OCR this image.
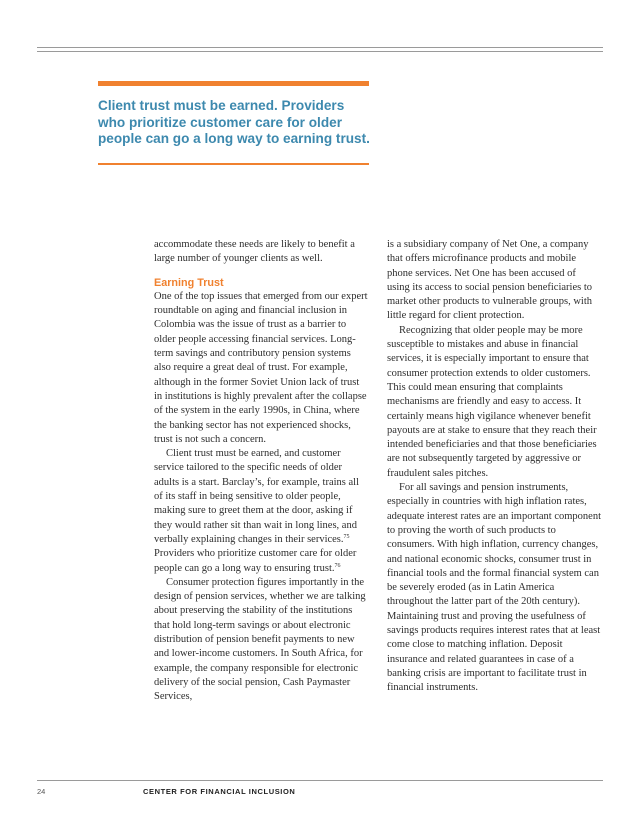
Client trust must be earned. Providers who prioritize customer care for older people can go a long way to earning trust.

accommodate these needs are likely to benefit a large number of younger clients as well.

Earning Trust

One of the top issues that emerged from our expert roundtable on aging and financial inclusion in Colombia was the issue of trust as a barrier to older people accessing financial services. Long-term savings and contributory pension systems also require a great deal of trust. For example, although in the former Soviet Union lack of trust in institutions is highly prevalent after the collapse of the system in the early 1990s, in China, where the banking sector has not experienced shocks, trust is not such a concern.

Client trust must be earned, and customer service tailored to the specific needs of older adults is a start. Barclay’s, for example, trains all of its staff in being sensitive to older people, making sure to greet them at the door, asking if they would rather sit than wait in long lines, and verbally explaining changes in their services.$^{75}$ Providers who prioritize customer care for older people can go a long way to ensuring trust.$^{76}$

Consumer protection figures importantly in the design of pension services, whether we are talking about preserving the stability of the institutions that hold long-term savings or about electronic distribution of pension benefit payments to new and lower-income customers. In South Africa, for example, the company responsible for electronic delivery of the social pension, Cash Paymaster Services,

is a subsidiary company of Net One, a company that offers microfinance products and mobile phone services. Net One has been accused of using its access to social pension beneficiaries to market other products to vulnerable groups, with little regard for client protection.

Recognizing that older people may be more susceptible to mistakes and abuse in financial services, it is especially important to ensure that consumer protection extends to older customers. This could mean ensuring that complaints mechanisms are friendly and easy to access. It certainly means high vigilance whenever benefit payouts are at stake to ensure that they reach their intended beneficiaries and that those beneficiaries are not subsequently targeted by aggressive or fraudulent sales pitches.

For all savings and pension instruments, especially in countries with high inflation rates, adequate interest rates are an important component to proving the worth of such products to consumers. With high inflation, currency changes, and national economic shocks, consumer trust in financial tools and the formal financial system can be severely eroded (as in Latin America throughout the latter part of the 20th century). Maintaining trust and proving the usefulness of savings products requires interest rates that at least come close to matching inflation. Deposit insurance and related guarantees in case of a banking crisis are important to facilitate trust in financial instruments.

24	CENTER FOR FINANCIAL INCLUSION
